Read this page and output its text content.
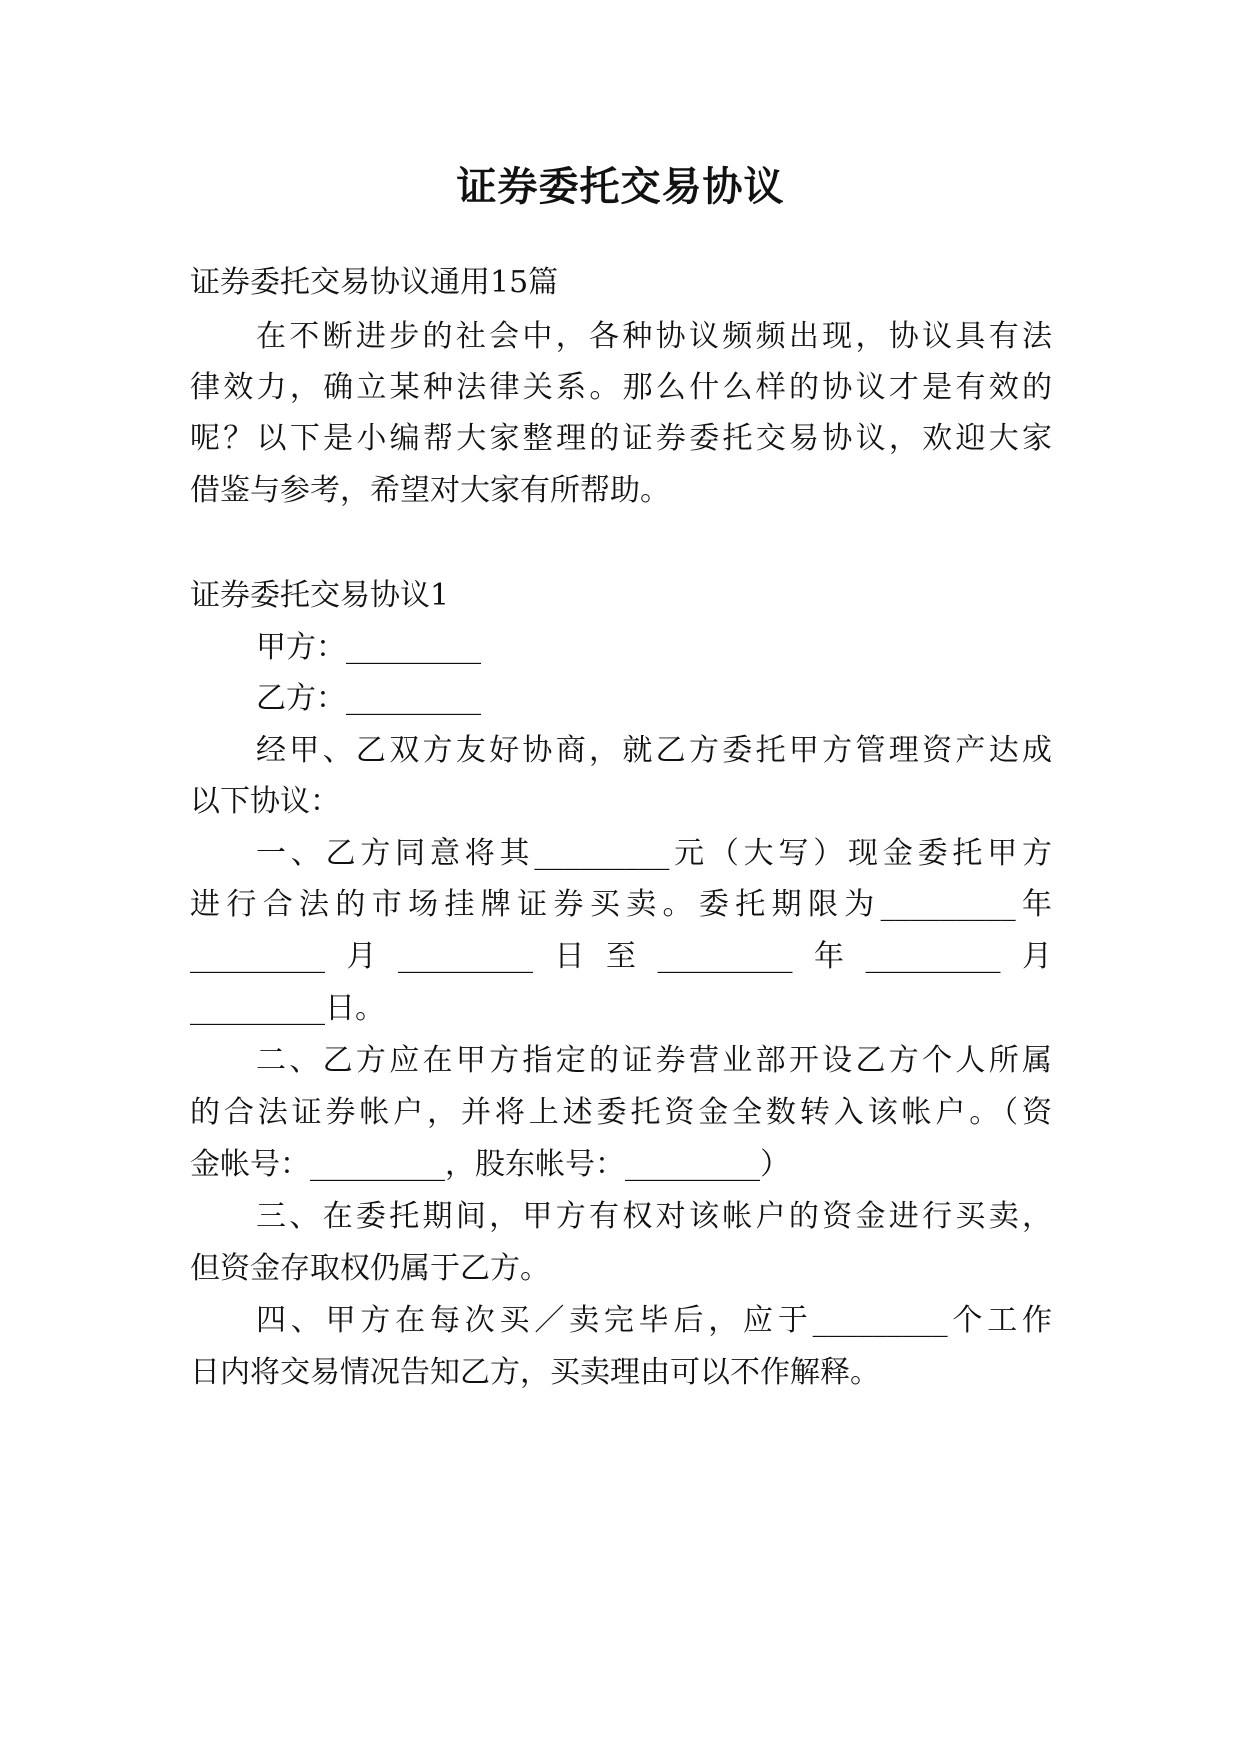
证券委托交易协议

证券委托交易协议通用15篇

在不断进步的社会中，各种协议频频出现，协议具有法

律效力，确立某种法律关系。那么什么样的协议才是有效的

呢？以下是小编帮大家整理的证券委托交易协议，欢迎大家

借鉴与参考，希望对大家有所帮助。

证券委托交易协议1

甲方：_________

乙方：_________

经甲、乙双方友好协商，就乙方委托甲方管理资产达成

以下协议：

一、乙方同意将其_________元（大写）现金委托甲方

进行合法的市场挂牌证券买卖。委托期限为_________年

_________月_________日至_________年_________月

_________日。

二、乙方应在甲方指定的证券营业部开设乙方个人所属

的合法证券帐户，并将上述委托资金全数转入该帐户。（资

金帐号：_________，股东帐号：_________）

三、在委托期间，甲方有权对该帐户的资金进行买卖，

但资金存取权仍属于乙方。

四、甲方在每次买／卖完毕后，应于_________个工作

日内将交易情况告知乙方，买卖理由可以不作解释。
